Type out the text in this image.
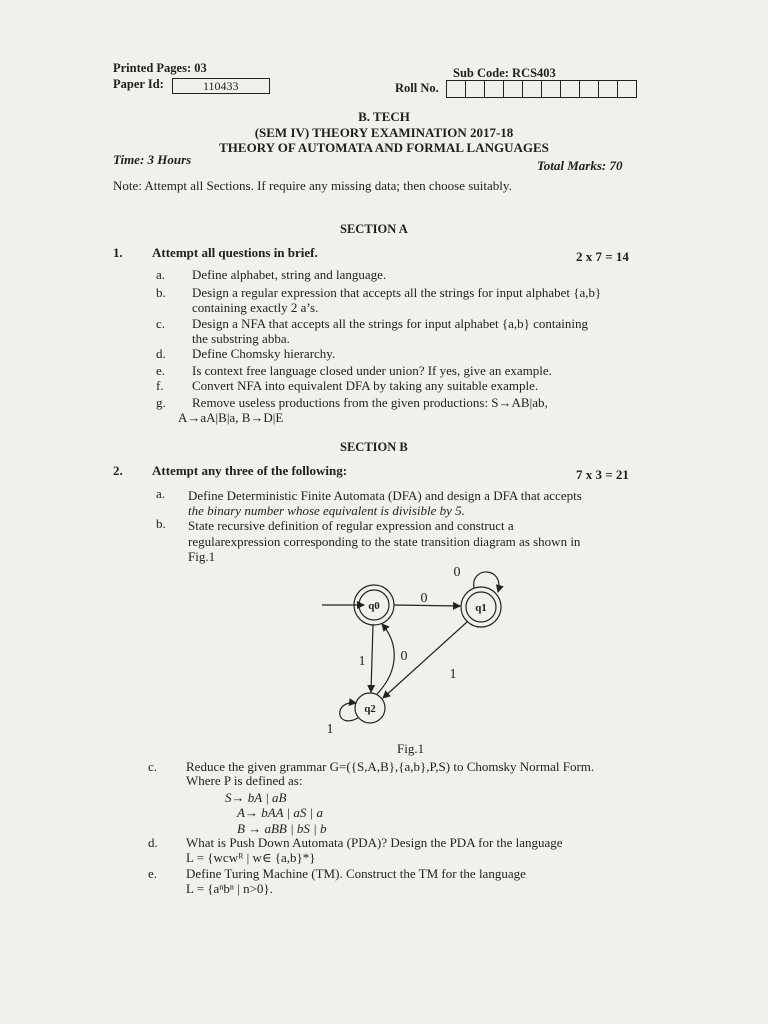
Printed Pages: 03
Paper Id:	110433
Sub Code: RCS403
Roll No.
B. TECH
(SEM IV) THEORY EXAMINATION 2017-18
THEORY OF AUTOMATA AND FORMAL LANGUAGES
Time: 3 Hours	Total Marks: 70
Note: Attempt all Sections. If require any missing data; then choose suitably.
SECTION A
1. Attempt all questions in brief.	2 x 7 = 14
a. Define alphabet, string and language.
b. Design a regular expression that accepts all the strings for input alphabet {a,b}
containing exactly 2 a’s.
c. Design a NFA that accepts all the strings for input alphabet {a,b} containing
the substring abba.
d. Define Chomsky hierarchy.
e. Is context free language closed under union? If yes, give an example.
f. Convert NFA into equivalent DFA by taking any suitable example.
g. Remove useless productions from the given productions: S→AB|ab,
A→aA|B|a, B→D|E
SECTION B
2. Attempt any three of the following:	7 x 3 = 21
a. Define Deterministic Finite Automata (DFA) and design a DFA that accepts
the binary number whose equivalent is divisible by 5.
b. State recursive definition of regular expression and construct a
regularexpression corresponding to the state transition diagram as shown in
Fig.1
q0	q1
q2
0
0
1	0
1
1
Fig.1
c. Reduce the given grammar G=({S,A,B},{a,b},P,S) to Chomsky Normal Form.
Where P is defined as:
S→ bA | aB
A→ bAA | aS | a
B → aBB | bS | b
d. What is Push Down Automata (PDA)? Design the PDA for the language
L = {wcwᴿ | w∈ {a,b}*}
e. Define Turing Machine (TM). Construct the TM for the language
L = {aⁿbⁿ | n>0}.
